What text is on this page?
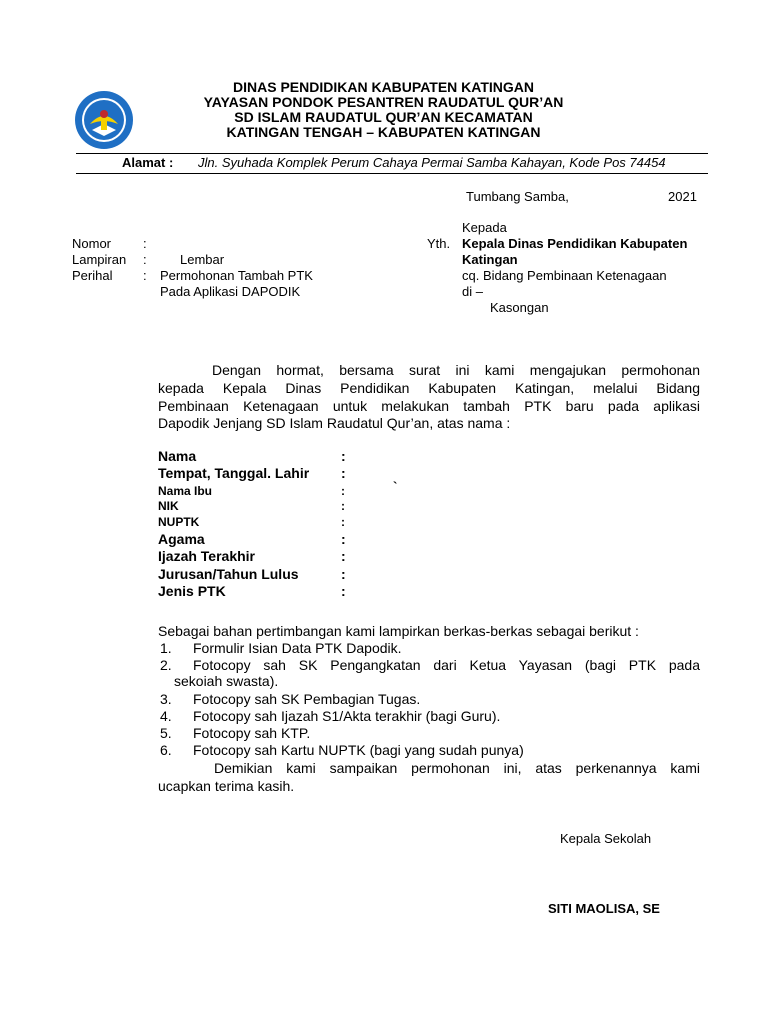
DINAS PENDIDIKAN KABUPATEN KATINGAN
YAYASAN PONDOK PESANTREN RAUDATUL QUR’AN
SD ISLAM RAUDATUL QUR’AN KECAMATAN
KATINGAN TENGAH – KABUPATEN KATINGAN
Alamat : Jln. Syuhada Komplek Perum Cahaya Permai Samba Kahayan, Kode Pos 74454
Tumbang Samba,	2021
Nomor :
Lampiran :	Lembar
Perihal : Permohonan Tambah PTK
Pada Aplikasi DAPODIK
Kepada
Yth. Kepala Dinas Pendidikan Kabupaten
Katingan
cq. Bidang Pembinaan Ketenagaan
di –
Kasongan
Dengan hormat, bersama surat ini kami mengajukan permohonan
kepada Kepala Dinas Pendidikan Kabupaten Katingan, melalui Bidang
Pembinaan Ketenagaan untuk melakukan tambah PTK baru pada aplikasi
Dapodik Jenjang SD Islam Raudatul Qur’an, atas nama :
Nama	:
Tempat, Tanggal. Lahir :
Nama Ibu	:	`
NIK	:
NUPTK	:
Agama	:
Ijazah Terakhir	:
Jurusan/Tahun Lulus	:
Jenis PTK	:
Sebagai bahan pertimbangan kami lampirkan berkas-berkas sebagai berikut :
1. Formulir Isian Data PTK Dapodik.
2. Fotocopy sah SK Pengangkatan dari Ketua Yayasan (bagi PTK pada
sekoiah swasta).
3. Fotocopy sah SK Pembagian Tugas.
4. Fotocopy sah Ijazah S1/Akta terakhir (bagi Guru).
5. Fotocopy sah KTP.
6. Fotocopy sah Kartu NUPTK (bagi yang sudah punya)
Demikian kami sampaikan permohonan ini, atas perkenannya kami
ucapkan terima kasih.
Kepala Sekolah
SITI MAOLISA, SE
